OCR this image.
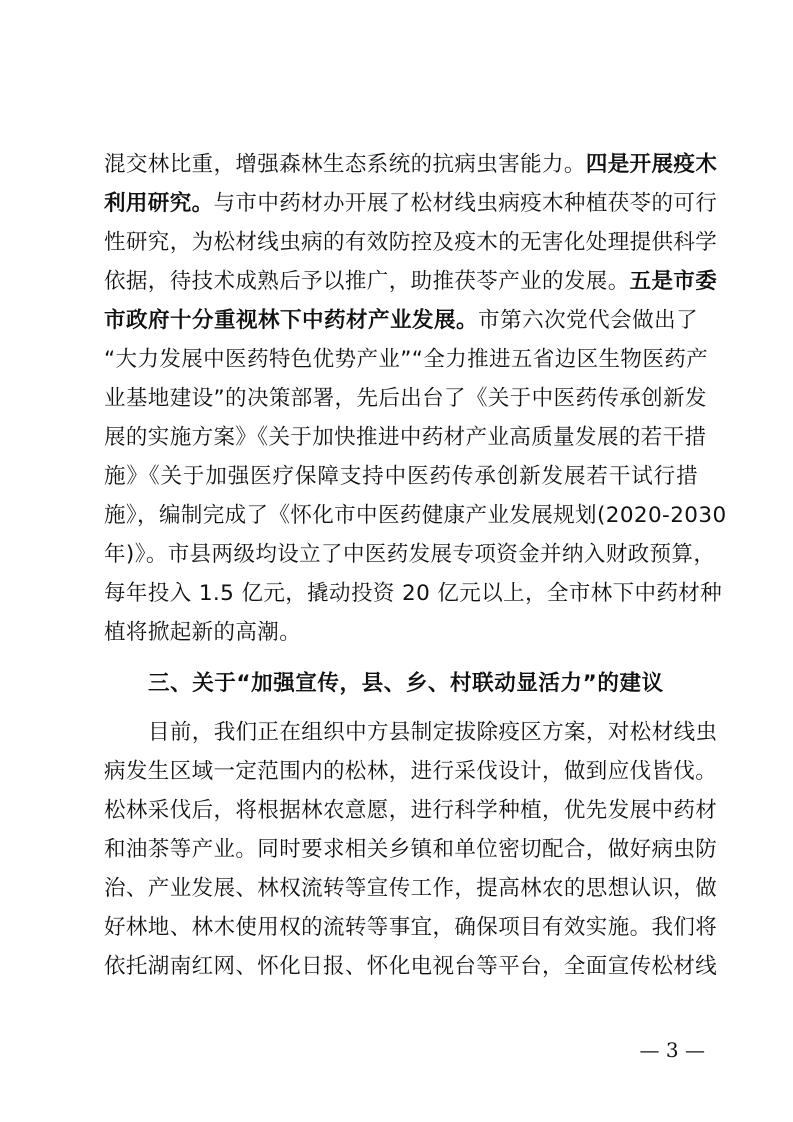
混交林比重，增强森林生态系统的抗病虫害能力。四是开展疫木
利用研究。与市中药材办开展了松材线虫病疫木种植茯苓的可行
性研究，为松材线虫病的有效防控及疫木的无害化处理提供科学
依据，待技术成熟后予以推广，助推茯苓产业的发展。五是市委
市政府十分重视林下中药材产业发展。市第六次党代会做出了
“大力发展中医药特色优势产业”“全力推进五省边区生物医药产
业基地建设”的决策部署，先后出台了《关于中医药传承创新发
展的实施方案》《关于加快推进中药材产业高质量发展的若干措
施》《关于加强医疗保障支持中医药传承创新发展若干试行措
施》，编制完成了《怀化市中医药健康产业发展规划(2020-2030
年)》。市县两级均设立了中医药发展专项资金并纳入财政预算，
每年投入 1.5 亿元，撬动投资 20 亿元以上，全市林下中药材种
植将掀起新的高潮。
三、关于“加强宣传，县、乡、村联动显活力”的建议
目前，我们正在组织中方县制定拔除疫区方案，对松材线虫
病发生区域一定范围内的松林，进行采伐设计，做到应伐皆伐。
松林采伐后，将根据林农意愿，进行科学种植，优先发展中药材
和油茶等产业。同时要求相关乡镇和单位密切配合，做好病虫防
治、产业发展、林权流转等宣传工作，提高林农的思想认识，做
好林地、林木使用权的流转等事宜，确保项目有效实施。我们将
依托湖南红网、怀化日报、怀化电视台等平台，全面宣传松材线
— 3 —
